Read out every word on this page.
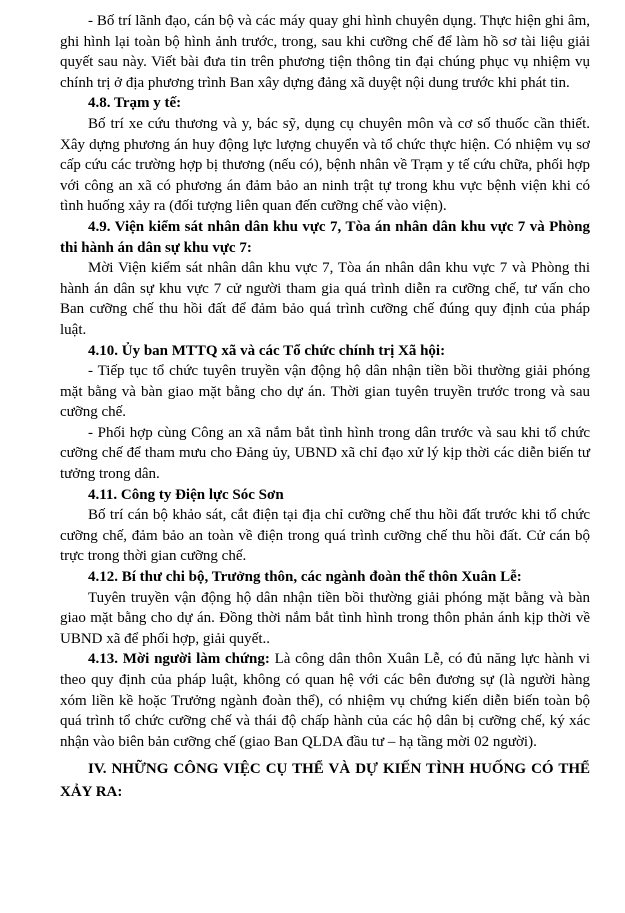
- Bố trí lãnh đạo, cán bộ và các máy quay ghi hình chuyên dụng. Thực hiện ghi âm, ghi hình lại toàn bộ hình ảnh trước, trong, sau khi cưỡng chế để làm hồ sơ tài liệu giải quyết sau này. Viết bài đưa tin trên phương tiện thông tin đại chúng phục vụ nhiệm vụ chính trị ở địa phương trình Ban xây dựng đảng xã duyệt nội dung trước khi phát tin.

4.8. Trạm y tế:

Bố trí xe cứu thương và y, bác sỹ, dụng cụ chuyên môn và cơ số thuốc cần thiết. Xây dựng phương án huy động lực lượng chuyển và tổ chức thực hiện. Có nhiệm vụ sơ cấp cứu các trường hợp bị thương (nếu có), bệnh nhân về Trạm y tế cứu chữa, phối hợp với công an xã có phương án đảm bảo an ninh trật tự trong khu vực bệnh viện khi có tình huống xảy ra (đối tượng liên quan đến cưỡng chế vào viện).

4.9. Viện kiểm sát nhân dân khu vực 7, Tòa án nhân dân khu vực 7 và Phòng thi hành án dân sự khu vực 7:

Mời Viện kiểm sát nhân dân khu vực 7, Tòa án nhân dân khu vực 7 và Phòng thi hành án dân sự khu vực 7 cử người tham gia quá trình diễn ra cưỡng chế, tư vấn cho Ban cưỡng chế thu hồi đất để đảm bảo quá trình cưỡng chế đúng quy định của pháp luật.

4.10. Ủy ban MTTQ xã và các Tổ chức chính trị Xã hội:

- Tiếp tục tổ chức tuyên truyền vận động hộ dân nhận tiền bồi thường giải phóng mặt bằng và bàn giao mặt bằng cho dự án. Thời gian tuyên truyền trước trong và sau cưỡng chế.

- Phối hợp cùng Công an xã nắm bắt tình hình trong dân trước và sau khi tổ chức cưỡng chế để tham mưu cho Đảng ủy, UBND xã chỉ đạo xử lý kịp thời các diễn biến tư tưởng trong dân.

4.11. Công ty Điện lực Sóc Sơn

Bố trí cán bộ khảo sát, cắt điện tại địa chỉ cưỡng chế thu hồi đất trước khi tổ chức cưỡng chế, đảm bảo an toàn về điện trong quá trình cưỡng chế thu hồi đất. Cử cán bộ trực trong thời gian cưỡng chế.

4.12. Bí thư chi bộ, Trưởng thôn, các ngành đoàn thể thôn Xuân Lễ:

Tuyên truyền vận động hộ dân nhận tiền bồi thường giải phóng mặt bằng và bàn giao mặt bằng cho dự án. Đồng thời nắm bắt tình hình trong thôn phản ánh kịp thời về UBND xã để phối hợp, giải quyết..

4.13. Mời người làm chứng: Là công dân thôn Xuân Lễ, có đủ năng lực hành vi theo quy định của pháp luật, không có quan hệ với các bên đương sự (là người hàng xóm liền kề hoặc Trưởng ngành đoàn thể), có nhiệm vụ chứng kiến diễn biến toàn bộ quá trình tổ chức cưỡng chế và thái độ chấp hành của các hộ dân bị cưỡng chế, ký xác nhận vào biên bản cưỡng chế (giao Ban QLDA đầu tư – hạ tầng mời 02 người).

IV. NHỮNG CÔNG VIỆC CỤ THỂ VÀ DỰ KIẾN TÌNH HUỐNG CÓ THỂ XẢY RA:
